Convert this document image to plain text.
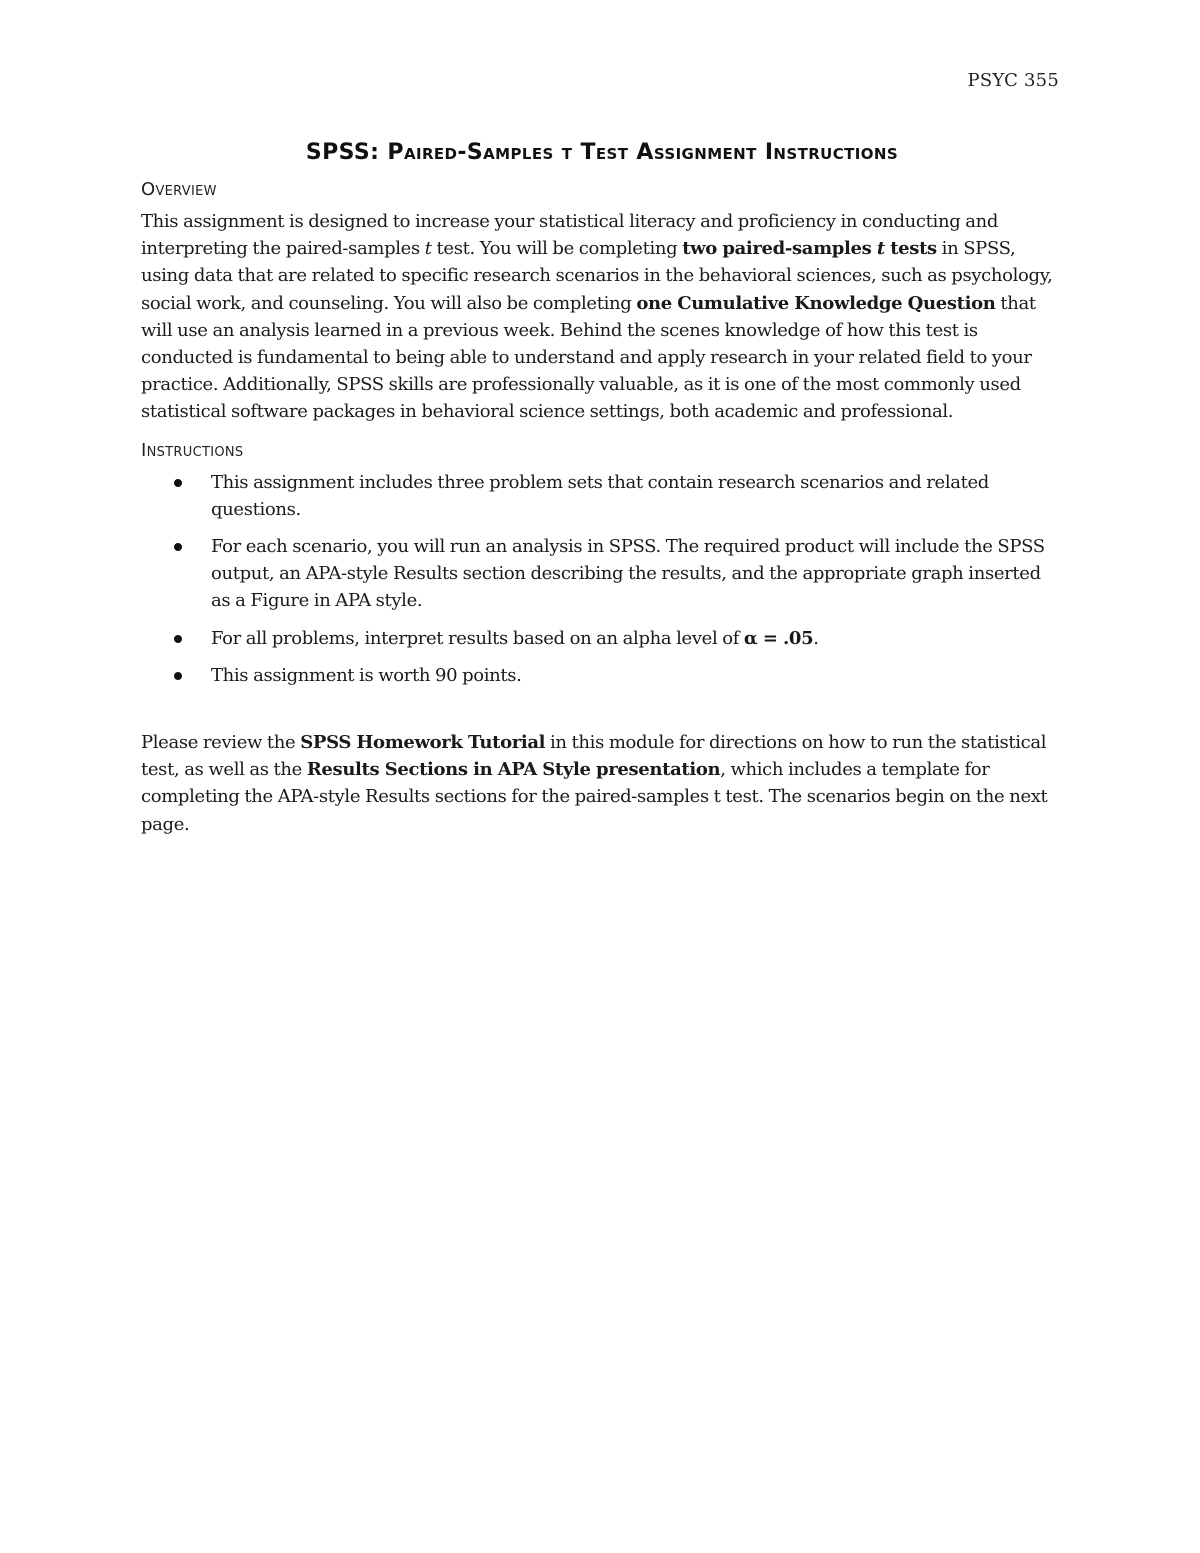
PSYC 355
SPSS: Paired-Samples t Test Assignment Instructions
Overview

This assignment is designed to increase your statistical literacy and proficiency in conducting and interpreting the paired-samples t test. You will be completing two paired-samples t tests in SPSS, using data that are related to specific research scenarios in the behavioral sciences, such as psychology, social work, and counseling. You will also be completing one Cumulative Knowledge Question that will use an analysis learned in a previous week. Behind the scenes knowledge of how this test is conducted is fundamental to being able to understand and apply research in your related field to your practice. Additionally, SPSS skills are professionally valuable, as it is one of the most commonly used statistical software packages in behavioral science settings, both academic and professional.

Instructions
This assignment includes three problem sets that contain research scenarios and related questions.
For each scenario, you will run an analysis in SPSS. The required product will include the SPSS output, an APA-style Results section describing the results, and the appropriate graph inserted as a Figure in APA style.
For all problems, interpret results based on an alpha level of α = .05.
This assignment is worth 90 points.

Please review the SPSS Homework Tutorial in this module for directions on how to run the statistical test, as well as the Results Sections in APA Style presentation, which includes a template for completing the APA-style Results sections for the paired-samples t test. The scenarios begin on the next page.
